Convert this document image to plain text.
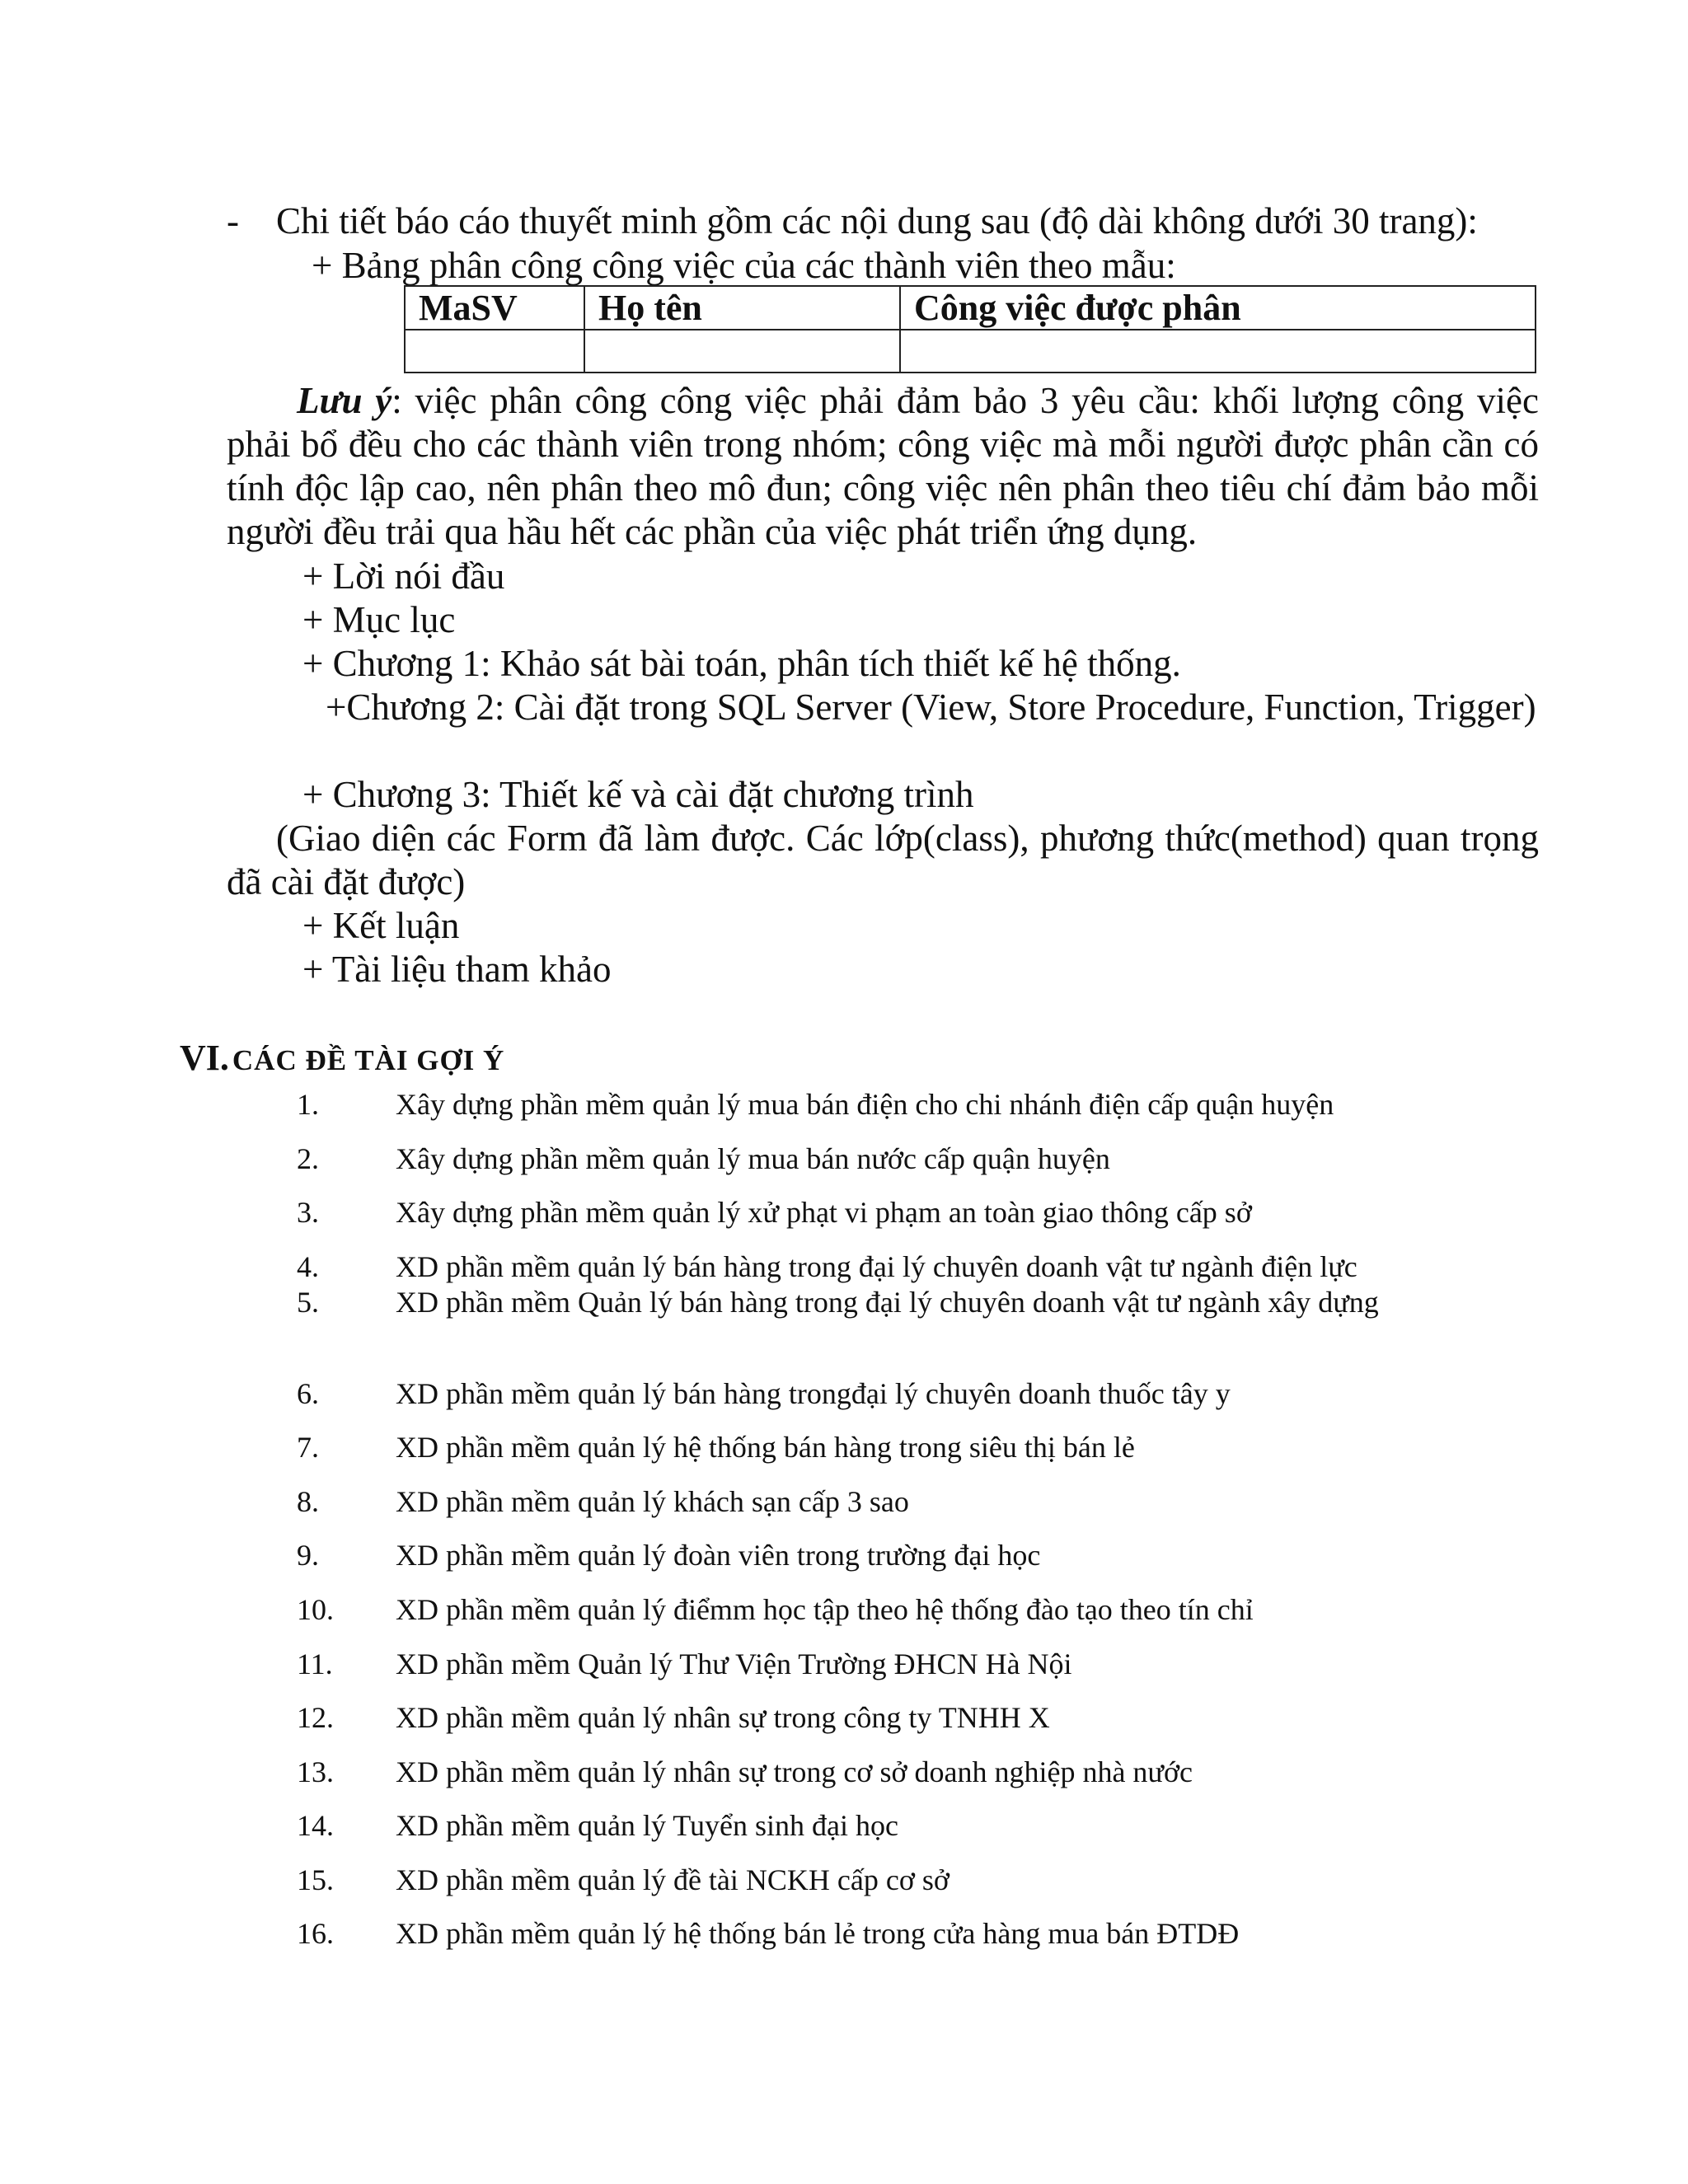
- Chi tiết báo cáo thuyết minh gồm các nội dung sau (độ dài không dưới 30 trang):
+ Bảng phân công công việc của các thành viên theo mẫu:
MaSV	Họ tên	Công việc được phân

Lưu ý: việc phân công công việc phải đảm bảo 3 yêu cầu: khối lượng công việc phải bổ đều cho các thành viên trong nhóm; công việc mà mỗi người được phân cần có tính độc lập cao, nên phân theo mô đun; công việc nên phân theo tiêu chí đảm bảo mỗi người đều trải qua hầu hết các phần của việc phát triển ứng dụng.

+ Lời nói đầu
+ Mục lục
+ Chương 1: Khảo sát bài toán, phân tích thiết kế hệ thống.

+Chương 2: Cài đặt trong SQL Server (View, Store Procedure, Function, Trigger)

+ Chương 3: Thiết kế và cài đặt chương trình

(Giao diện các Form đã làm được. Các lớp(class), phương thức(method) quan trọng đã cài đặt được)

+ Kết luận
+ Tài liệu tham khảo
VI. CÁC ĐỀ TÀI GỢI Ý
1.	Xây dựng phần mềm quản lý mua bán điện cho chi nhánh điện cấp quận huyện
2.	Xây dựng phần mềm quản lý mua bán nước cấp quận huyện
3.	Xây dựng phần mềm quản lý xử phạt vi phạm an toàn giao thông cấp sở
4.	XD phần mềm quản lý bán hàng trong đại lý chuyên doanh vật tư ngành điện lực
5.	XD phần mềm Quản lý bán hàng trong đại lý chuyên doanh vật tư ngành xây dựng
6.	XD phần mềm quản lý bán hàng trongđại lý chuyên doanh thuốc tây y
7.	XD phần mềm quản lý hệ thống bán hàng trong siêu thị bán lẻ
8.	XD phần mềm quản lý khách sạn cấp 3 sao
9.	XD phần mềm quản lý đoàn viên trong trường đại học
10. XD phần mềm quản lý điểmm học tập theo hệ thống đào tạo theo tín chỉ
11. XD phần mềm Quản lý Thư Viện Trường ĐHCN Hà Nội
12. XD phần mềm quản lý nhân sự trong công ty TNHH X
13. XD phần mềm quản lý nhân sự trong cơ sở doanh nghiệp nhà nước
14. XD phần mềm quản lý Tuyển sinh đại học
15. XD phần mềm quản lý đề tài NCKH cấp cơ sở
16. XD phần mềm quản lý hệ thống bán lẻ trong cửa hàng mua bán ĐTDĐ
